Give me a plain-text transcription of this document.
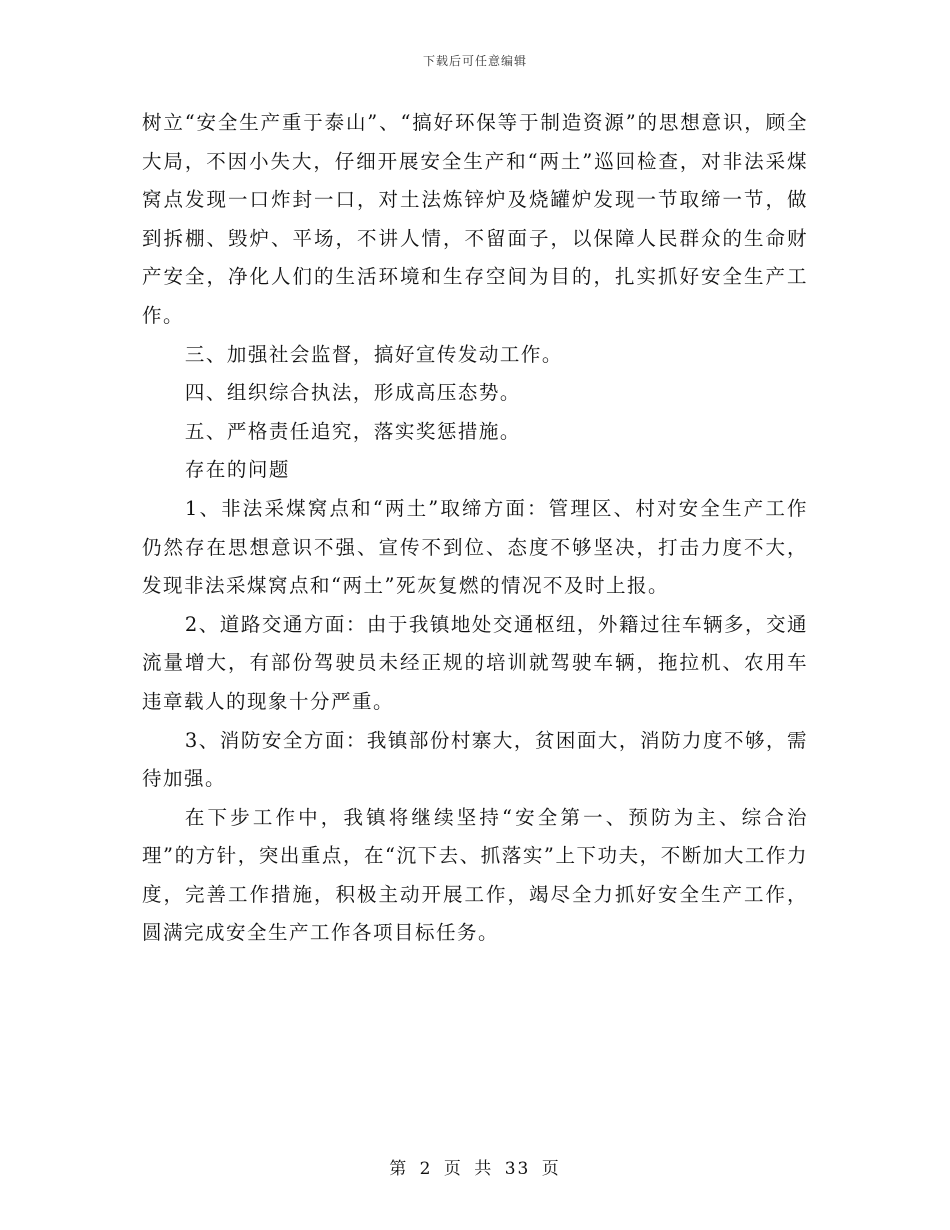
下载后可任意编辑

树立“安全生产重于泰山”、“搞好环保等于制造资源”的思想意识，顾全大局，不因小失大，仔细开展安全生产和“两土”巡回检查，对非法采煤窝点发现一口炸封一口，对土法炼锌炉及烧罐炉发现一节取缔一节，做到拆棚、毁炉、平场，不讲人情，不留面子，以保障人民群众的生命财产安全，净化人们的生活环境和生存空间为目的，扎实抓好安全生产工作。

三、加强社会监督，搞好宣传发动工作。

四、组织综合执法，形成高压态势。

五、严格责任追究，落实奖惩措施。

存在的问题

1、非法采煤窝点和“两土”取缔方面：管理区、村对安全生产工作仍然存在思想意识不强、宣传不到位、态度不够坚决，打击力度不大，发现非法采煤窝点和“两土”死灰复燃的情况不及时上报。

2、道路交通方面：由于我镇地处交通枢纽，外籍过往车辆多，交通流量增大，有部份驾驶员未经正规的培训就驾驶车辆，拖拉机、农用车违章载人的现象十分严重。

3、消防安全方面：我镇部份村寨大，贫困面大，消防力度不够，需待加强。

在下步工作中，我镇将继续坚持“安全第一、预防为主、综合治理”的方针，突出重点，在“沉下去、抓落实”上下功夫，不断加大工作力度，完善工作措施，积极主动开展工作，竭尽全力抓好安全生产工作，圆满完成安全生产工作各项目标任务。

第 2 页 共 33 页
